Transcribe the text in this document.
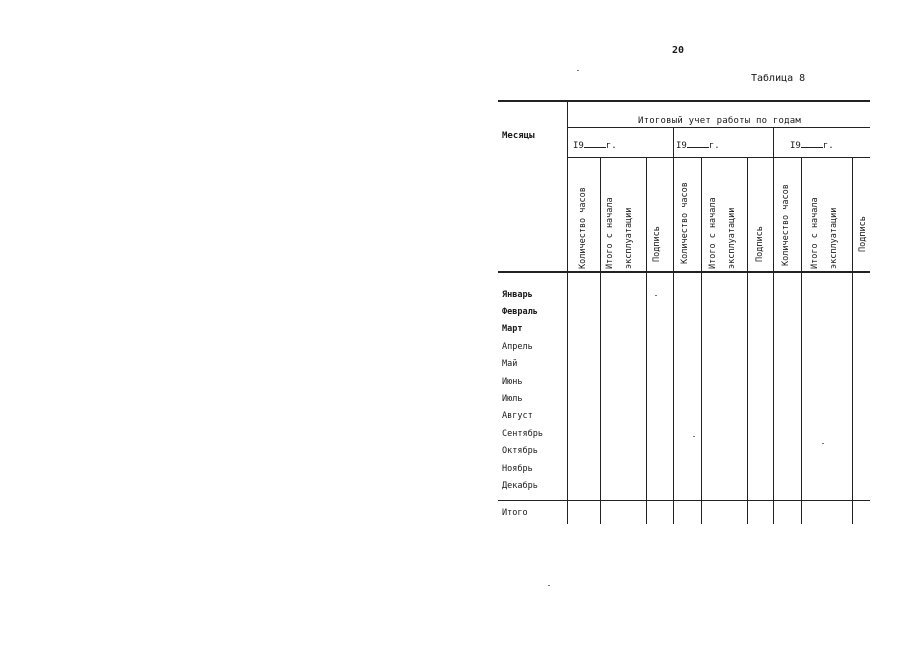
20
Таблица 8
Месяцы
Итоговый учет работы по годам
I9 г.	I9 г.	I9 г.
Количество часов Итого с начала эксплуатации Подпись Количество часов Итого с начала эксплуатации Подпись Количество часов Итого с начала эксплуатации Подпись
Январь
Февраль
Март
Апрель
Май
Июнь
Июль
Август
Сентябрь
Октябрь
Ноябрь
Декабрь
Итого
